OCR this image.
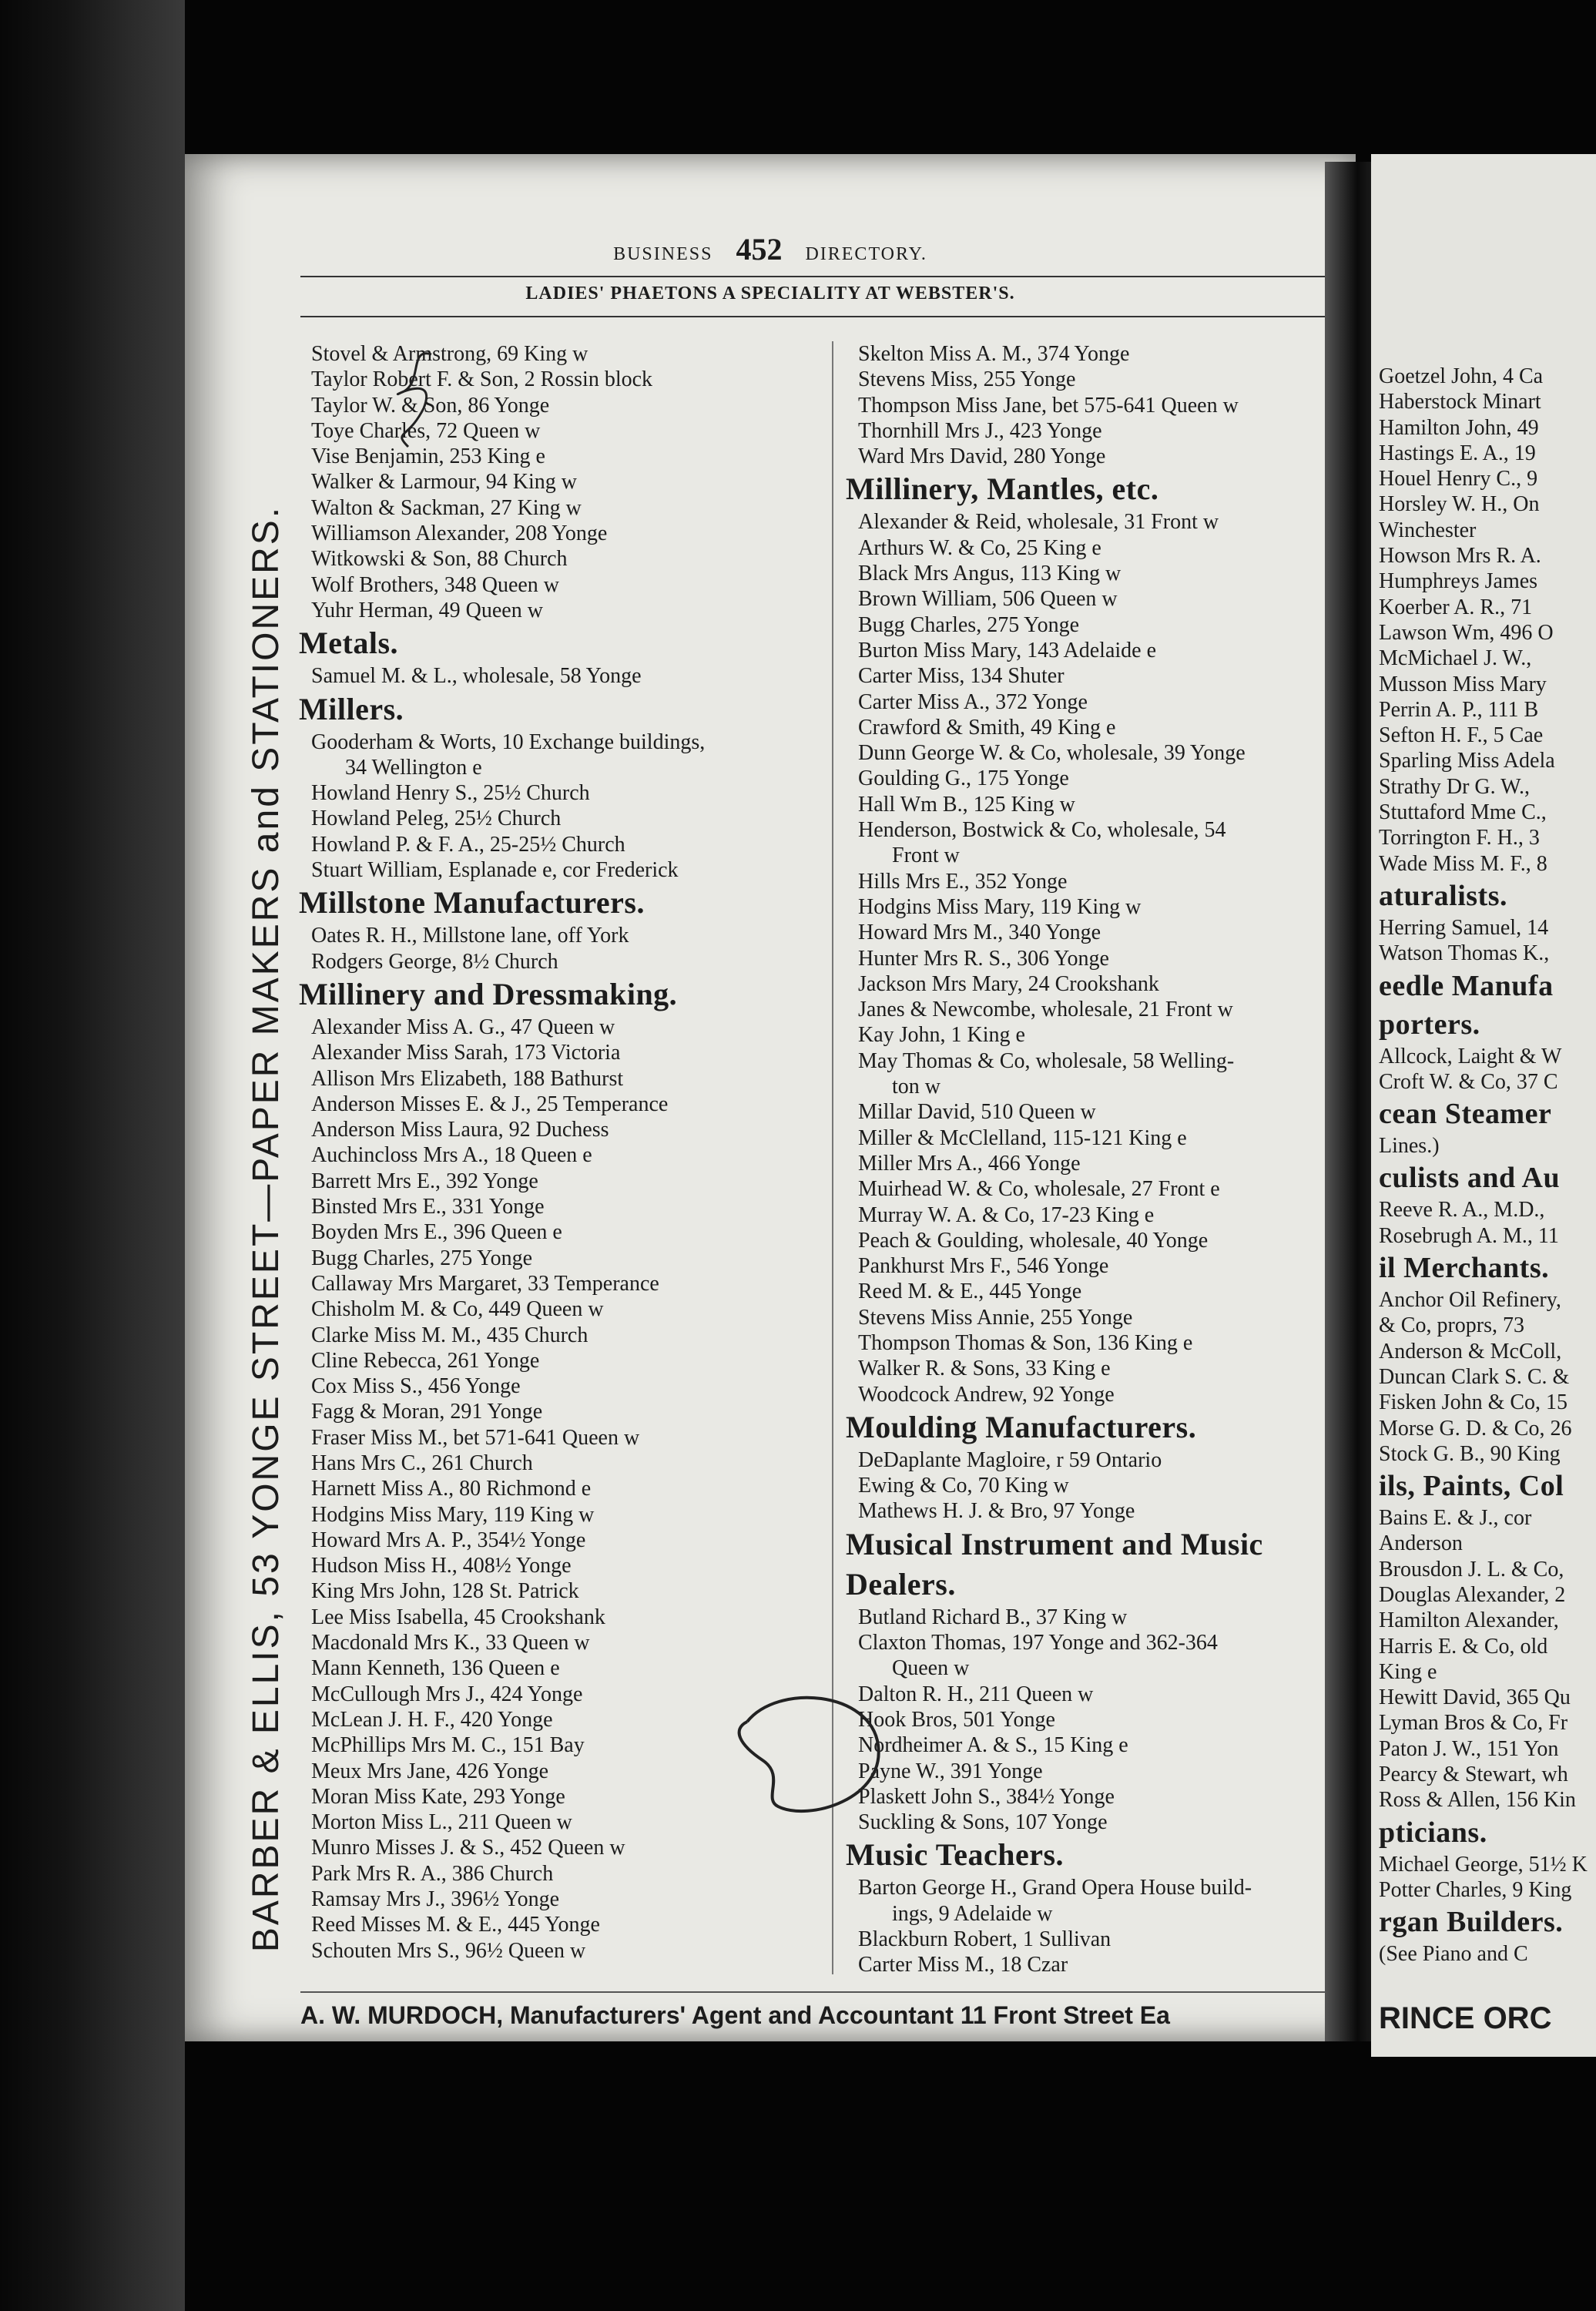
BUSINESS 452 DIRECTORY.
LADIES' PHAETONS A SPECIALITY AT WEBSTER'S.
BARBER & ELLIS, 53 YONGE STREET—PAPER MAKERS and STATIONERS.
Stovel & Armstrong, 69 King w
Taylor Robert F. & Son, 2 Rossin block
Taylor W. & Son, 86 Yonge
Toye Charles, 72 Queen w
Vise Benjamin, 253 King e
Walker & Larmour, 94 King w
Walton & Sackman, 27 King w
Williamson Alexander, 208 Yonge
Witkowski & Son, 88 Church
Wolf Brothers, 348 Queen w
Yuhr Herman, 49 Queen w
Metals.
Samuel M. & L., wholesale, 58 Yonge
Millers.
Gooderham & Worts, 10 Exchange buildings,
34 Wellington e
Howland Henry S., 25½ Church
Howland Peleg, 25½ Church
Howland P. & F. A., 25-25½ Church
Stuart William, Esplanade e, cor Frederick
Millstone Manufacturers.
Oates R. H., Millstone lane, off York
Rodgers George, 8½ Church
Millinery and Dressmaking.
Alexander Miss A. G., 47 Queen w
Alexander Miss Sarah, 173 Victoria
Allison Mrs Elizabeth, 188 Bathurst
Anderson Misses E. & J., 25 Temperance
Anderson Miss Laura, 92 Duchess
Auchincloss Mrs A., 18 Queen e
Barrett Mrs E., 392 Yonge
Binsted Mrs E., 331 Yonge
Boyden Mrs E., 396 Queen e
Bugg Charles, 275 Yonge
Callaway Mrs Margaret, 33 Temperance
Chisholm M. & Co, 449 Queen w
Clarke Miss M. M., 435 Church
Cline Rebecca, 261 Yonge
Cox Miss S., 456 Yonge
Fagg & Moran, 291 Yonge
Fraser Miss M., bet 571-641 Queen w
Hans Mrs C., 261 Church
Harnett Miss A., 80 Richmond e
Hodgins Miss Mary, 119 King w
Howard Mrs A. P., 354½ Yonge
Hudson Miss H., 408½ Yonge
King Mrs John, 128 St. Patrick
Lee Miss Isabella, 45 Crookshank
Macdonald Mrs K., 33 Queen w
Mann Kenneth, 136 Queen e
McCullough Mrs J., 424 Yonge
McLean J. H. F., 420 Yonge
McPhillips Mrs M. C., 151 Bay
Meux Mrs Jane, 426 Yonge
Moran Miss Kate, 293 Yonge
Morton Miss L., 211 Queen w
Munro Misses J. & S., 452 Queen w
Park Mrs R. A., 386 Church
Ramsay Mrs J., 396½ Yonge
Reed Misses M. & E., 445 Yonge
Schouten Mrs S., 96½ Queen w
Skelton Miss A. M., 374 Yonge
Stevens Miss, 255 Yonge
Thompson Miss Jane, bet 575-641 Queen w
Thornhill Mrs J., 423 Yonge
Ward Mrs David, 280 Yonge
Millinery, Mantles, etc.
Alexander & Reid, wholesale, 31 Front w
Arthurs W. & Co, 25 King e
Black Mrs Angus, 113 King w
Brown William, 506 Queen w
Bugg Charles, 275 Yonge
Burton Miss Mary, 143 Adelaide e
Carter Miss, 134 Shuter
Carter Miss A., 372 Yonge
Crawford & Smith, 49 King e
Dunn George W. & Co, wholesale, 39 Yonge
Goulding G., 175 Yonge
Hall Wm B., 125 King w
Henderson, Bostwick & Co, wholesale, 54
Front w
Hills Mrs E., 352 Yonge
Hodgins Miss Mary, 119 King w
Howard Mrs M., 340 Yonge
Hunter Mrs R. S., 306 Yonge
Jackson Mrs Mary, 24 Crookshank
Janes & Newcombe, wholesale, 21 Front w
Kay John, 1 King e
May Thomas & Co, wholesale, 58 Welling-
ton w
Millar David, 510 Queen w
Miller & McClelland, 115-121 King e
Miller Mrs A., 466 Yonge
Muirhead W. & Co, wholesale, 27 Front e
Murray W. A. & Co, 17-23 King e
Peach & Goulding, wholesale, 40 Yonge
Pankhurst Mrs F., 546 Yonge
Reed M. & E., 445 Yonge
Stevens Miss Annie, 255 Yonge
Thompson Thomas & Son, 136 King e
Walker R. & Sons, 33 King e
Woodcock Andrew, 92 Yonge
Moulding Manufacturers.
DeDaplante Magloire, r 59 Ontario
Ewing & Co, 70 King w
Mathews H. J. & Bro, 97 Yonge
Musical Instrument and Music
Dealers.
Butland Richard B., 37 King w
Claxton Thomas, 197 Yonge and 362-364
Queen w
Dalton R. H., 211 Queen w
Hook Bros, 501 Yonge
Nordheimer A. & S., 15 King e
Payne W., 391 Yonge
Plaskett John S., 384½ Yonge
Suckling & Sons, 107 Yonge
Music Teachers.
Barton George H., Grand Opera House build-
ings, 9 Adelaide w
Blackburn Robert, 1 Sullivan
Carter Miss M., 18 Czar
A. W. MURDOCH, Manufacturers' Agent and Accountant 11 Front Street Ea
Goetzel John, 4 Ca
Haberstock Minart
Hamilton John, 49
Hastings E. A., 19
Houel Henry C., 9
Horsley W. H., On
Winchester
Howson Mrs R. A.
Humphreys James
Koerber A. R., 71
Lawson Wm, 496 O
McMichael J. W.,
Musson Miss Mary
Perrin A. P., 111 B
Sefton H. F., 5 Cae
Sparling Miss Adela
Strathy Dr G. W.,
Stuttaford Mme C.,
Torrington F. H., 3
Wade Miss M. F., 8
aturalists.
Herring Samuel, 14
Watson Thomas K.,
eedle Manufa
porters.
Allcock, Laight & W
Croft W. & Co, 37 C
cean Steamer
Lines.)
culists and Au
Reeve R. A., M.D.,
Rosebrugh A. M., 11
il Merchants.
Anchor Oil Refinery,
& Co, proprs, 73
Anderson & McColl,
Duncan Clark S. C. &
Fisken John & Co, 15
Morse G. D. & Co, 26
Stock G. B., 90 King
ils, Paints, Col
Bains E. & J., cor
Anderson
Brousdon J. L. & Co,
Douglas Alexander, 2
Hamilton Alexander,
Harris E. & Co, old
King e
Hewitt David, 365 Qu
Lyman Bros & Co, Fr
Paton J. W., 151 Yon
Pearcy & Stewart, wh
Ross & Allen, 156 Kin
pticians.
Michael George, 51½ K
Potter Charles, 9 King
rgan Builders.
(See Piano and C
RINCE ORC
